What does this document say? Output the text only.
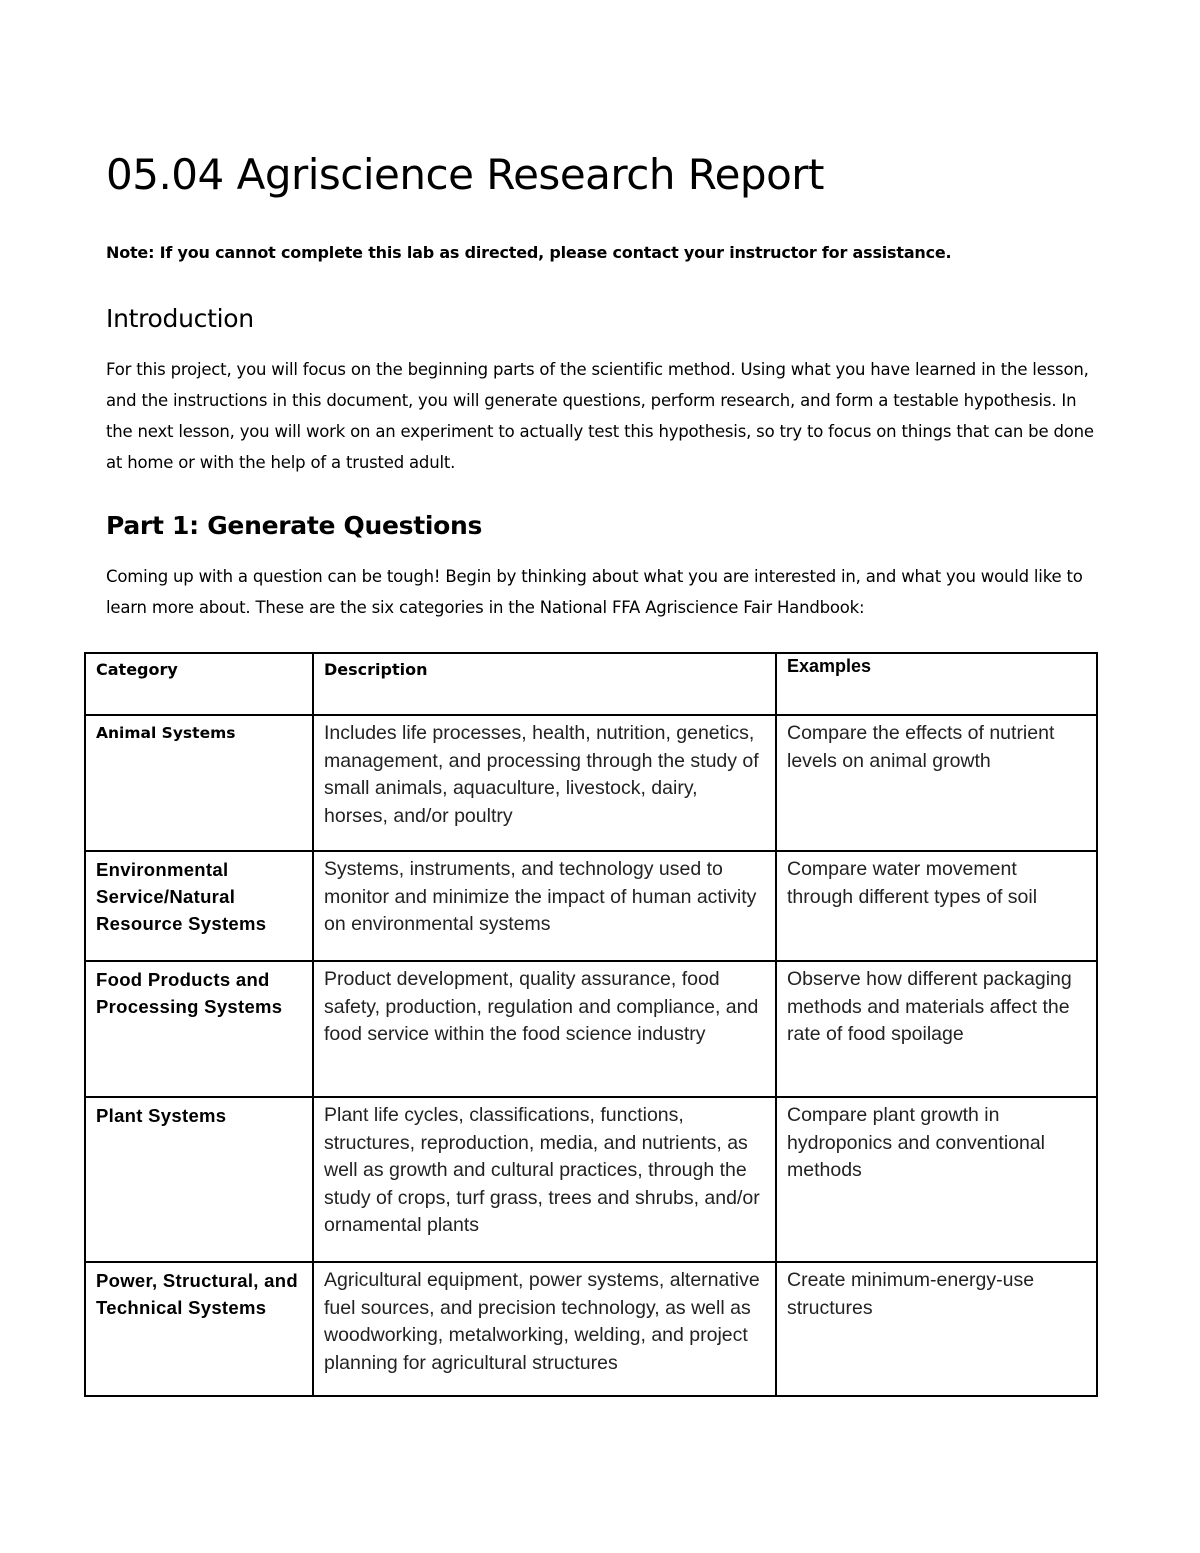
05.04 Agriscience Research Report

Note: If you cannot complete this lab as directed, please contact your instructor for assistance.

Introduction

For this project, you will focus on the beginning parts of the scientific method. Using what you have learned in the lesson, and the instructions in this document, you will generate questions, perform research, and form a testable hypothesis. In the next lesson, you will work on an experiment to actually test this hypothesis, so try to focus on things that can be done at home or with the help of a trusted adult.

Part 1: Generate Questions

Coming up with a question can be tough! Begin by thinking about what you are interested in, and what you would like to learn more about. These are the six categories in the National FFA Agriscience Fair Handbook:

Category	Description	Examples
Animal Systems	Includes life processes, health, nutrition, genetics, management, and processing through the study of small animals, aquaculture, livestock, dairy, horses, and/or poultry	Compare the effects of nutrient levels on animal growth
Environmental Service/Natural Resource Systems	Systems, instruments, and technology used to monitor and minimize the impact of human activity on environmental systems	Compare water movement through different types of soil
Food Products and Processing Systems	Product development, quality assurance, food safety, production, regulation and compliance, and food service within the food science industry	Observe how different packaging methods and materials affect the rate of food spoilage
Plant Systems	Plant life cycles, classifications, functions, structures, reproduction, media, and nutrients, as well as growth and cultural practices, through the study of crops, turf grass, trees and shrubs, and/or ornamental plants	Compare plant growth in hydroponics and conventional methods
Power, Structural, and Technical Systems	Agricultural equipment, power systems, alternative fuel sources, and precision technology, as well as woodworking, metalworking, welding, and project planning for agricultural structures	Create minimum-energy-use structures
